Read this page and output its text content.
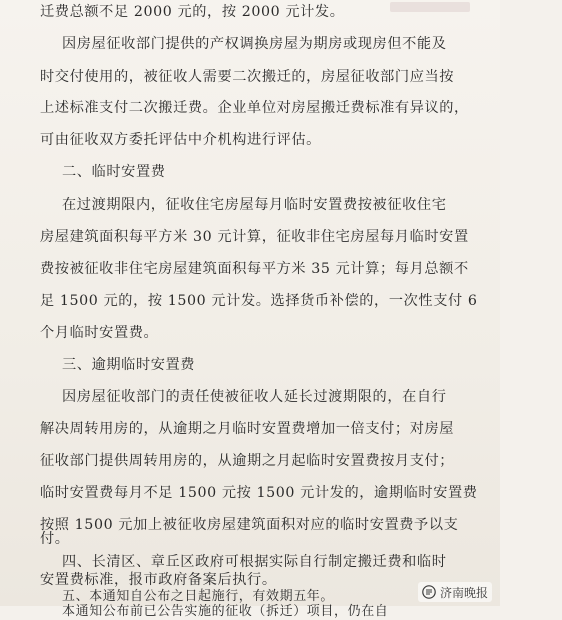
迁费总额不足 2000 元的，按 2000 元计发。
因房屋征收部门提供的产权调换房屋为期房或现房但不能及
时交付使用的，被征收人需要二次搬迁的，房屋征收部门应当按
上述标准支付二次搬迁费。企业单位对房屋搬迁费标准有异议的，
可由征收双方委托评估中介机构进行评估。
二、临时安置费
在过渡期限内，征收住宅房屋每月临时安置费按被征收住宅
房屋建筑面积每平方米 30 元计算，征收非住宅房屋每月临时安置
费按被征收非住宅房屋建筑面积每平方米 35 元计算；每月总额不
足 1500 元的，按 1500 元计发。选择货币补偿的，一次性支付 6
个月临时安置费。
三、逾期临时安置费
因房屋征收部门的责任使被征收人延长过渡期限的，在自行
解决周转用房的，从逾期之月临时安置费增加一倍支付；对房屋
征收部门提供周转用房的，从逾期之月起临时安置费按月支付；
临时安置费每月不足 1500 元按 1500 元计发的，逾期临时安置费
按照 1500 元加上被征收房屋建筑面积对应的临时安置费予以支
付。
四、长清区、章丘区政府可根据实际自行制定搬迁费和临时
安置费标准，报市政府备案后执行。
五、本通知自公布之日起施行，有效期五年。
本通知公布前已公告实施的征收（拆迁）项目，仍在自
济南晚报
